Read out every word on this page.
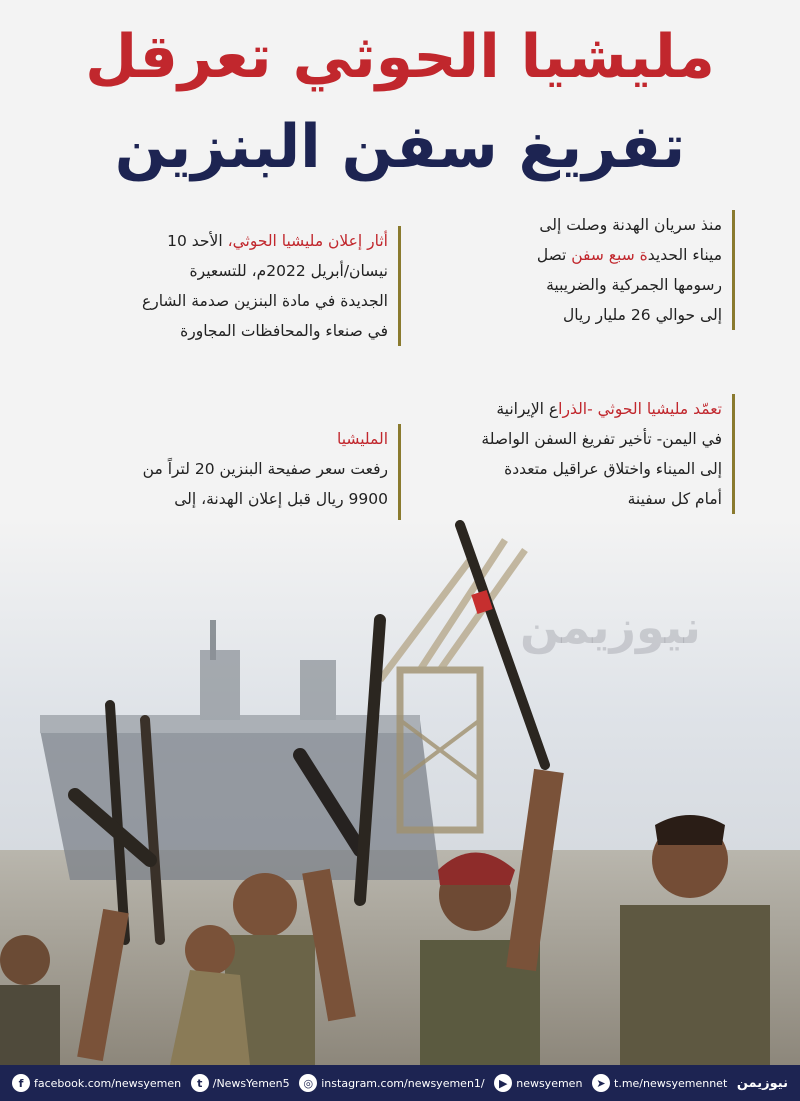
مليشيا الحوثي تعرقل
تفريغ سفن البنزين
منذ سريان الهدنة وصلت إلى
ميناء الحديدة سبع سفن تصل
رسومها الجمركية والضريبية
إلى حوالي 26 مليار ريال
أثار إعلان مليشيا الحوثي، الأحد 10
نيسان/أبريل 2022م، للتسعيرة
الجديدة في مادة البنزين صدمة الشارع
في صنعاء والمحافظات المجاورة
تعمّد مليشيا الحوثي -الذراع الإيرانية
في اليمن- تأخير تفريغ السفن الواصلة
إلى الميناء واختلاق عراقيل متعددة
أمام كل سفينة
المليشيا
رفعت سعر صفيحة البنزين 20 لتراً من
9900 ريال قبل إعلان الهدنة، إلى
نيوزيمن
f facebook.com/newsyemen	t /NewsYemen5	◎ instagram.com/newsyemen1/	▶ newsyemen	➤ t.me/newsyemennet نيوزيمن
